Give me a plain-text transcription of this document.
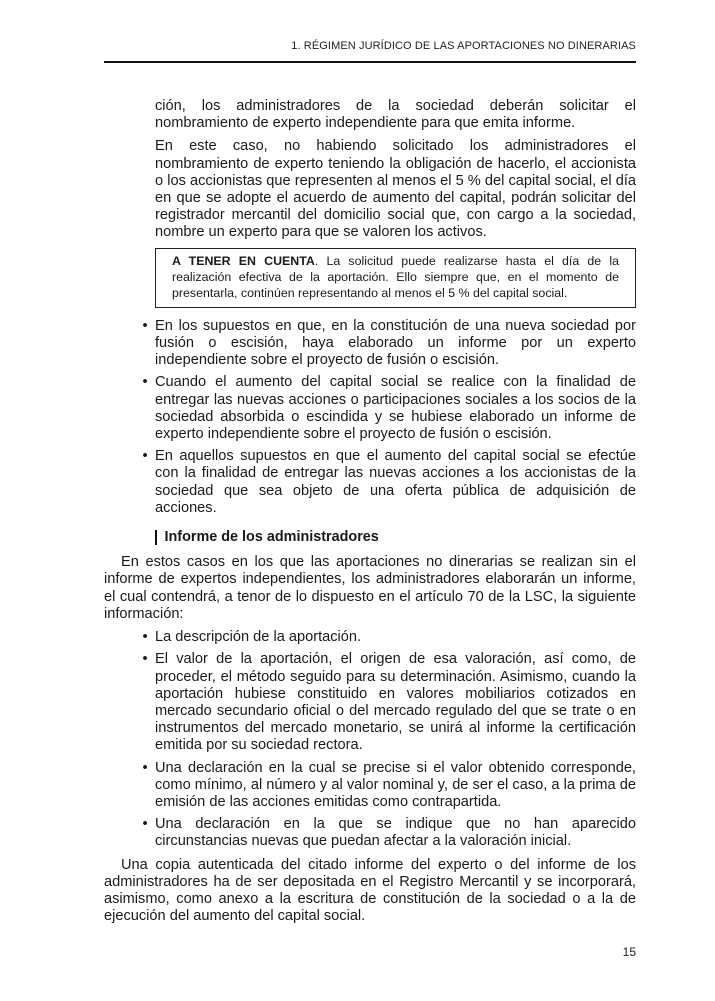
1. RÉGIMEN JURÍDICO DE LAS APORTACIONES NO DINERARIAS

ción, los administradores de la sociedad deberán solicitar el nombramiento de experto independiente para que emita informe.

En este caso, no habiendo solicitado los administradores el nombramiento de experto teniendo la obligación de hacerlo, el accionista o los accionistas que representen al menos el 5 % del capital social, el día en que se adopte el acuerdo de aumento del capital, podrán solicitar del registrador mercantil del domicilio social que, con cargo a la sociedad, nombre un experto para que se valoren los activos.

A TENER EN CUENTA. La solicitud puede realizarse hasta el día de la realización efectiva de la aportación. Ello siempre que, en el momento de presentarla, continúen representando al menos el 5 % del capital social.
• En los supuestos en que, en la constitución de una nueva sociedad por fusión o escisión, haya elaborado un informe por un experto independiente sobre el proyecto de fusión o escisión.
• Cuando el aumento del capital social se realice con la finalidad de entregar las nuevas acciones o participaciones sociales a los socios de la sociedad absorbida o escindida y se hubiese elaborado un informe de experto independiente sobre el proyecto de fusión o escisión.
• En aquellos supuestos en que el aumento del capital social se efectúe con la finalidad de entregar las nuevas acciones a los accionistas de la sociedad que sea objeto de una oferta pública de adquisición de acciones.
Informe de los administradores

En estos casos en los que las aportaciones no dinerarias se realizan sin el informe de expertos independientes, los administradores elaborarán un informe, el cual contendrá, a tenor de lo dispuesto en el artículo 70 de la LSC, la siguiente información:

• La descripción de la aportación.
• El valor de la aportación, el origen de esa valoración, así como, de proceder, el método seguido para su determinación. Asimismo, cuando la aportación hubiese constituido en valores mobiliarios cotizados en mercado secundario oficial o del mercado regulado del que se trate o en instrumentos del mercado monetario, se unirá al informe la certificación emitida por su sociedad rectora.
• Una declaración en la cual se precise si el valor obtenido corresponde, como mínimo, al número y al valor nominal y, de ser el caso, a la prima de emisión de las acciones emitidas como contrapartida.
• Una declaración en la que se indique que no han aparecido circunstancias nuevas que puedan afectar a la valoración inicial.

Una copia autenticada del citado informe del experto o del informe de los administradores ha de ser depositada en el Registro Mercantil y se incorporará, asimismo, como anexo a la escritura de constitución de la sociedad o a la de ejecución del aumento del capital social.

15
